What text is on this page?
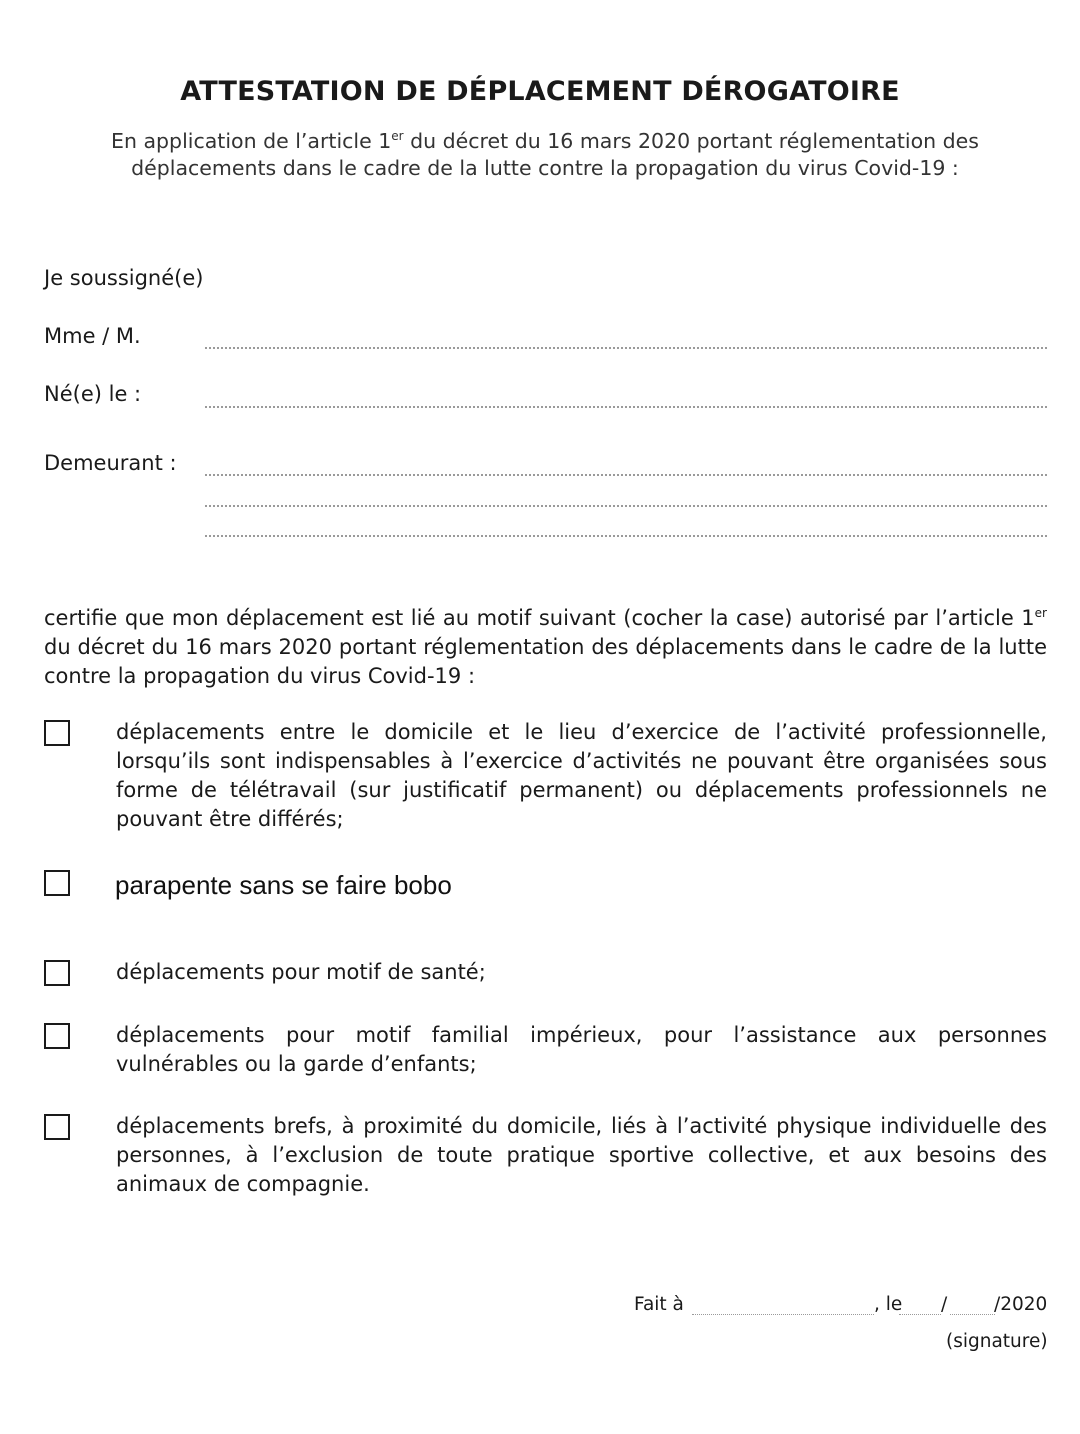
ATTESTATION DE DÉPLACEMENT DÉROGATOIRE
En application de l’article 1er du décret du 16 mars 2020 portant réglementation des déplacements dans le cadre de la lutte contre la propagation du virus Covid-19 :
Je soussigné(e)
Mme / M.
Né(e) le :
Demeurant :
certifie que mon déplacement est lié au motif suivant (cocher la case) autorisé par l’article 1er du décret du 16 mars 2020 portant réglementation des déplacements dans le cadre de la lutte contre la propagation du virus Covid-19 :
déplacements entre le domicile et le lieu d’exercice de l’activité professionnelle, lorsqu’ils sont indispensables à l’exercice d’activités ne pouvant être organisées sous forme de télétravail (sur justificatif permanent) ou déplacements professionnels ne pouvant être différés;
parapente sans se faire bobo
déplacements pour motif de santé;
déplacements pour motif familial impérieux, pour l’assistance aux personnes vulnérables ou la garde d’enfants;
déplacements brefs, à proximité du domicile, liés à l’activité physique individuelle des personnes, à l’exclusion de toute pratique sportive collective, et aux besoins des animaux de compagnie.
Fait à	, le /	/2020
(signature)
